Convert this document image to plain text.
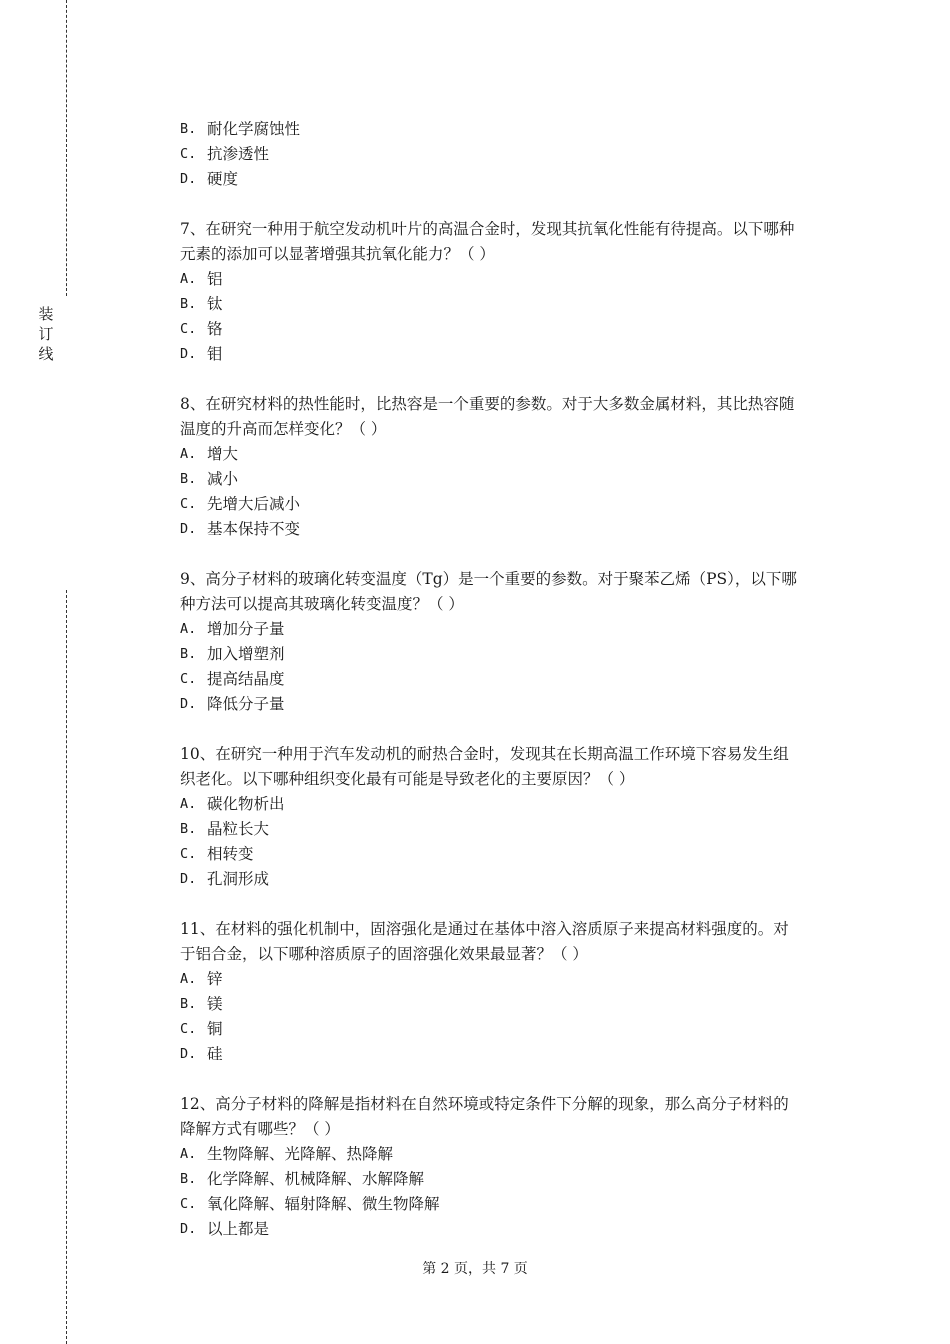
装
订
线
B. 耐化学腐蚀性
C. 抗渗透性
D. 硬度
7、在研究一种用于航空发动机叶片的高温合金时，发现其抗氧化性能有待提高。以下哪种
元素的添加可以显著增强其抗氧化能力？（ ）
A. 铝
B. 钛
C. 铬
D. 钼
8、在研究材料的热性能时，比热容是一个重要的参数。对于大多数金属材料，其比热容随
温度的升高而怎样变化？（ ）
A. 增大
B. 减小
C. 先增大后减小
D. 基本保持不变
9、高分子材料的玻璃化转变温度（Tg）是一个重要的参数。对于聚苯乙烯（PS），以下哪
种方法可以提高其玻璃化转变温度？（ ）
A. 增加分子量
B. 加入增塑剂
C. 提高结晶度
D. 降低分子量
10、在研究一种用于汽车发动机的耐热合金时，发现其在长期高温工作环境下容易发生组
织老化。以下哪种组织变化最有可能是导致老化的主要原因？（ ）
A. 碳化物析出
B. 晶粒长大
C. 相转变
D. 孔洞形成
11、在材料的强化机制中，固溶强化是通过在基体中溶入溶质原子来提高材料强度的。对
于铝合金，以下哪种溶质原子的固溶强化效果最显著？（ ）
A. 锌
B. 镁
C. 铜
D. 硅
12、高分子材料的降解是指材料在自然环境或特定条件下分解的现象，那么高分子材料的
降解方式有哪些？（ ）
A. 生物降解、光降解、热降解
B. 化学降解、机械降解、水解降解
C. 氧化降解、辐射降解、微生物降解
D. 以上都是
第 2 页，共 7 页
